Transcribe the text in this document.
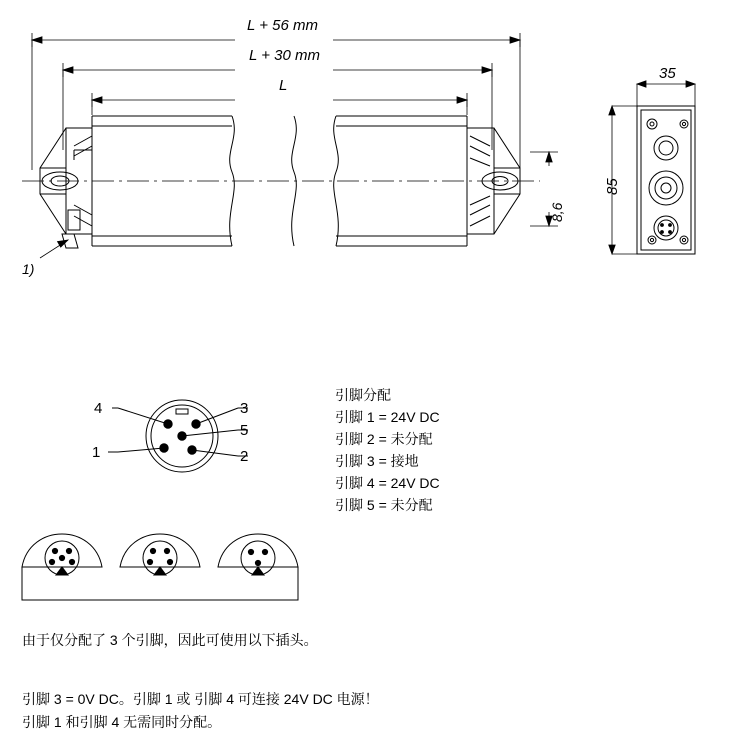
L + 56 mm
L + 30 mm
L
1)
8,6
35
85
4
1
3
5
2
引脚分配
引脚 1 = 24V DC
引脚 2 = 未分配
引脚 3 = 接地
引脚 4 = 24V DC
引脚 5 = 未分配
由于仅分配了 3 个引脚，因此可使用以下插头。
引脚 3 = 0V DC。引脚 1 或 引脚 4 可连接 24V DC 电源！
引脚 1 和引脚 4 无需同时分配。
